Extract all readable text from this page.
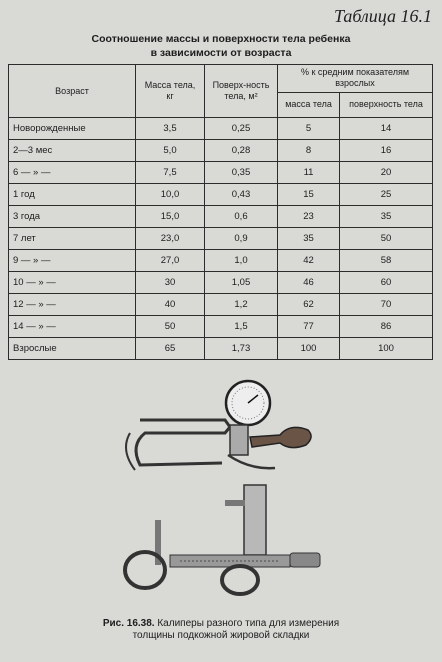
Таблица 16.1
Соотношение массы и поверхности тела ребенка
в зависимости от возраста
Возраст	Масса тела, кг	Поверх-ность тела, м²	% к средним показателям взрослых	
			масса тела	поверхность тела
Новорожденные	3,5	0,25	5	14
2—3 мес	5,0	0,28	8	16
6 — » —	7,5	0,35	11	20
1 год	10,0	0,43	15	25
3 года	15,0	0,6	23	35
7 лет	23,0	0,9	35	50
9 — » —	27,0	1,0	42	58
10 — » —	30	1,05	46	60
12 — » —	40	1,2	62	70
14 — » —	50	1,5	77	86
Взрослые	65	1,73	100	100
Рис. 16.38. Калиперы разного типа для измерения
толщины подкожной жировой складки
